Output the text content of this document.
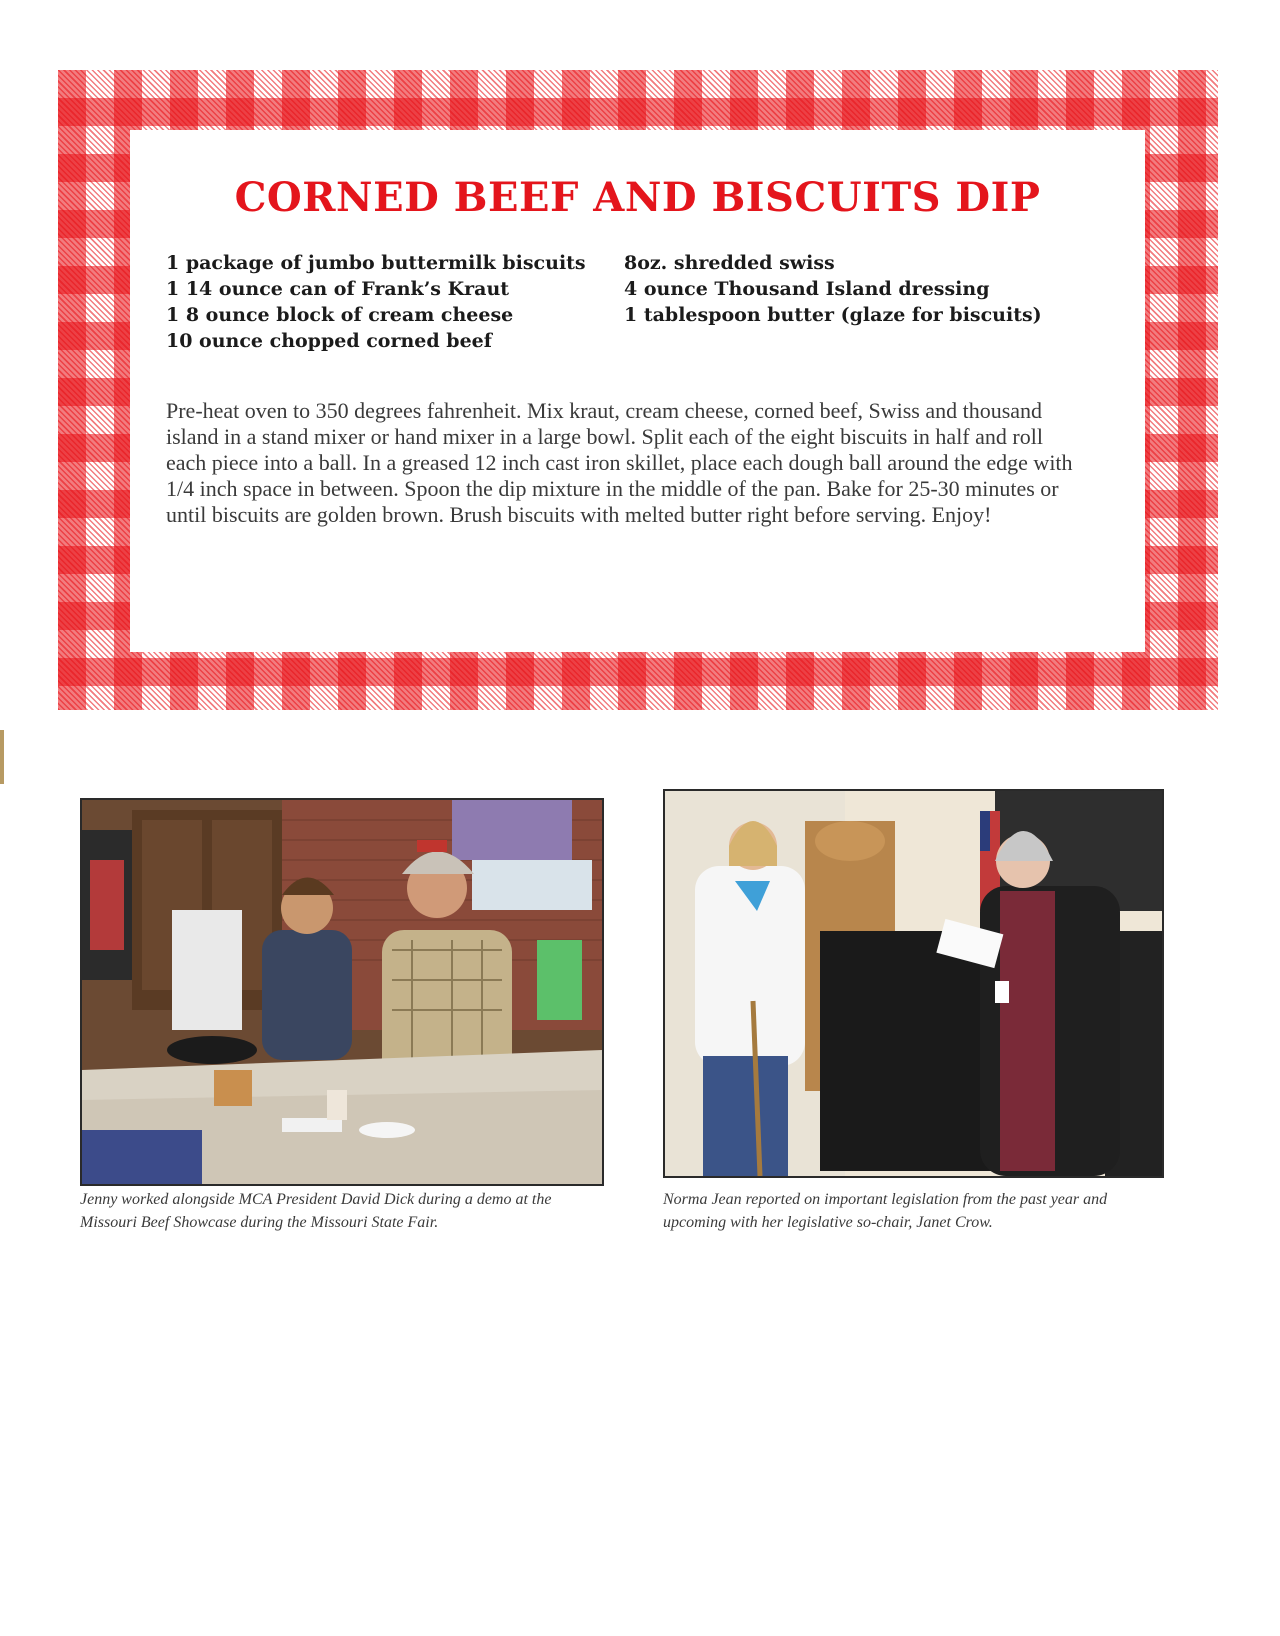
CORNED BEEF AND BISCUITS DIP
1 package of jumbo buttermilk biscuits
1 14 ounce can of Frank’s Kraut
1 8 ounce block of cream cheese
10 ounce chopped corned beef
8oz. shredded swiss
4 ounce Thousand Island dressing
1 tablespoon butter (glaze for biscuits)

Pre-heat oven to 350 degrees fahrenheit. Mix kraut, cream cheese, corned beef, Swiss and thousand island in a stand mixer or hand mixer in a large bowl. Split each of the eight biscuits in half and roll each piece into a ball. In a greased 12 inch cast iron skillet, place each dough ball around the edge with 1/4 inch space in between. Spoon the dip mixture in the middle of the pan. Bake for 25-30 minutes or until biscuits are golden brown. Brush biscuits with melted butter right before serving. Enjoy!

Jenny worked alongside MCA President David Dick during a demo at the Missouri Beef Showcase during the Missouri State Fair.

Norma Jean reported on important legislation from the past year and upcoming with her legislative so-chair, Janet Crow.
